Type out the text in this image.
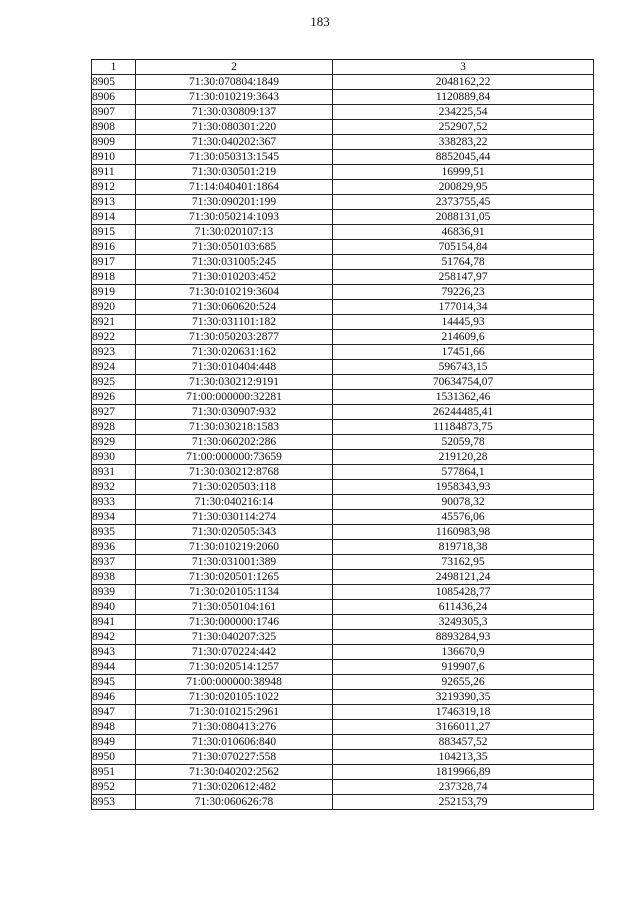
183
1	2	3
8905	71:30:070804:1849	2048162,22
8906	71:30:010219:3643	1120889,84
8907	71:30:030809:137	234225,54
8908	71:30:080301:220	252907,52
8909	71:30:040202:367	338283,22
8910	71:30:050313:1545	8852045,44
8911	71:30:030501:219	16999,51
8912	71:14:040401:1864	200829,95
8913	71:30:090201:199	2373755,45
8914	71:30:050214:1093	2088131,05
8915	71:30:020107:13	46836,91
8916	71:30:050103:685	705154,84
8917	71:30:031005:245	51764,78
8918	71:30:010203:452	258147,97
8919	71:30:010219:3604	79226,23
8920	71:30:060620:524	177014,34
8921	71:30:031101:182	14445,93
8922	71:30:050203:2877	214609,6
8923	71:30:020631:162	17451,66
8924	71:30:010404:448	596743,15
8925	71:30:030212:9191	70634754,07
8926	71:00:000000:32281	1531362,46
8927	71:30:030907:932	26244485,41
8928	71:30:030218:1583	11184873,75
8929	71:30:060202:286	52059,78
8930	71:00:000000:73659	219120,28
8931	71:30:030212:8768	577864,1
8932	71:30:020503:118	1958343,93
8933	71:30:040216:14	90078,32
8934	71:30:030114:274	45576,06
8935	71:30:020505:343	1160983,98
8936	71:30:010219:2060	819718,38
8937	71:30:031001:389	73162,95
8938	71:30:020501:1265	2498121,24
8939	71:30:020105:1134	1085428,77
8940	71:30:050104:161	611436,24
8941	71:30:000000:1746	3249305,3
8942	71:30:040207:325	8893284,93
8943	71:30:070224:442	136670,9
8944	71:30:020514:1257	919907,6
8945	71:00:000000:38948	92655,26
8946	71:30:020105:1022	3219390,35
8947	71:30:010215:2961	1746319,18
8948	71:30:080413:276	3166011,27
8949	71:30:010606:840	883457,52
8950	71:30:070227:558	104213,35
8951	71:30:040202:2562	1819966,89
8952	71:30:020612:482	237328,74
8953	71:30:060626:78	252153,79
